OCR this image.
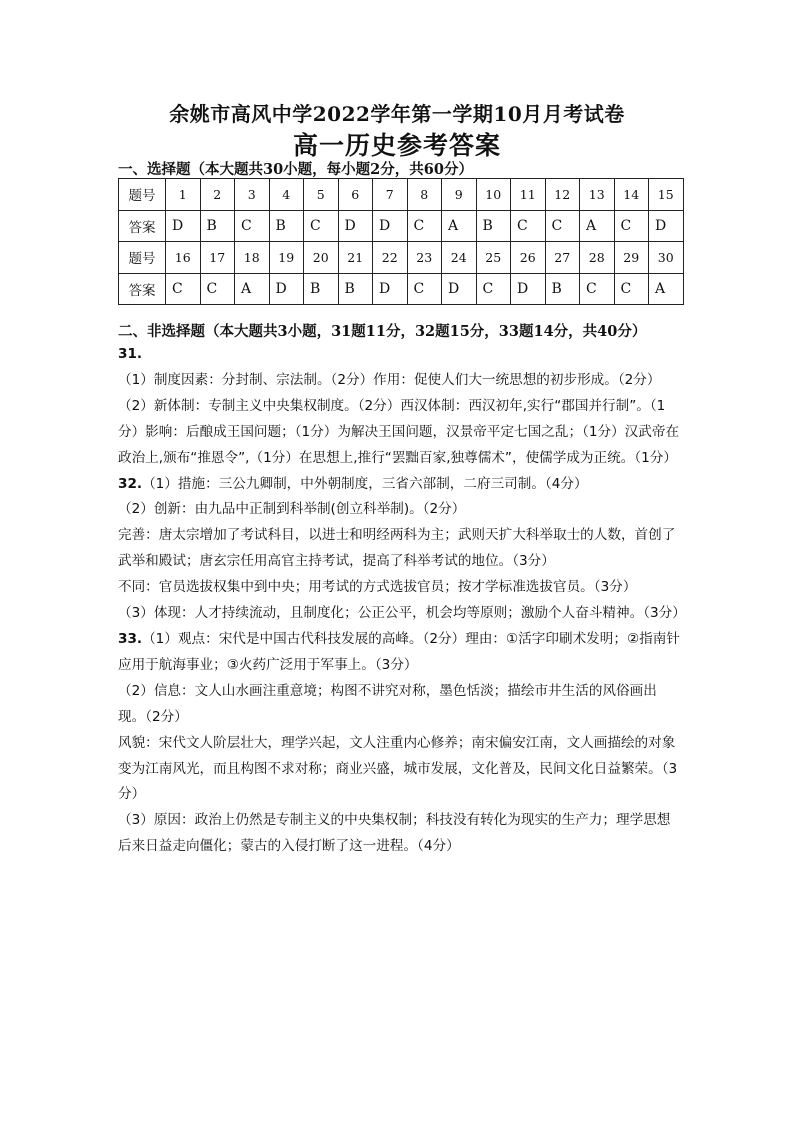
余姚市高风中学2022学年第一学期10月月考试卷
高一历史参考答案
一、选择题（本大题共30小题，每小题2分，共60分）
题号	1	2	3	4	5	6	7	8	9	10	11	12	13	14	15
答案	D	B	C	B	C	D	D	C	A	B	C	C	A	C	D
题号	16	17	18	19	20	21	22	23	24	25	26	27	28	29	30
答案	C	C	A	D	B	B	D	C	D	C	D	B	C	C	A
二、非选择题（本大题共3小题，31题11分，32题15分，33题14分，共40分）

31.（1）制度因素：分封制、宗法制。（2分）作用：促使人们大一统思想的初步形成。（2分）

（2）新体制：专制主义中央集权制度。（2分）西汉体制：西汉初年,实行“郡国并行制”。（1分）影响：后酿成王国问题；（1分）为解决王国问题，汉景帝平定七国之乱；（1分）汉武帝在政治上,颁布“推恩令”,（1分）在思想上,推行“罢黜百家,独尊儒术”，使儒学成为正统。（1分）

32.（1）措施：三公九卿制，中外朝制度，三省六部制，二府三司制。（4分）

（2）创新：由九品中正制到科举制(创立科举制)。（2分）

完善：唐太宗增加了考试科目，以进士和明经两科为主；武则天扩大科举取士的人数，首创了武举和殿试；唐玄宗任用高官主持考试，提高了科举考试的地位。（3分）

不同：官员选拔权集中到中央；用考试的方式选拔官员；按才学标准选拔官员。（3分）

（3）体现：人才持续流动，且制度化；公正公平，机会均等原则；激励个人奋斗精神。（3分）

33.（1）观点：宋代是中国古代科技发展的高峰。（2分）理由：①活字印刷术发明；②指南针应用于航海事业；③火药广泛用于军事上。（3分）

（2）信息：文人山水画注重意境；构图不讲究对称，墨色恬淡；描绘市井生活的风俗画出现。（2分）

风貌：宋代文人阶层壮大，理学兴起，文人注重内心修养；南宋偏安江南，文人画描绘的对象变为江南风光，而且构图不求对称；商业兴盛，城市发展，文化普及，民间文化日益繁荣。（3分）

（3）原因：政治上仍然是专制主义的中央集权制；科技没有转化为现实的生产力；理学思想后来日益走向僵化；蒙古的入侵打断了这一进程。（4分）
